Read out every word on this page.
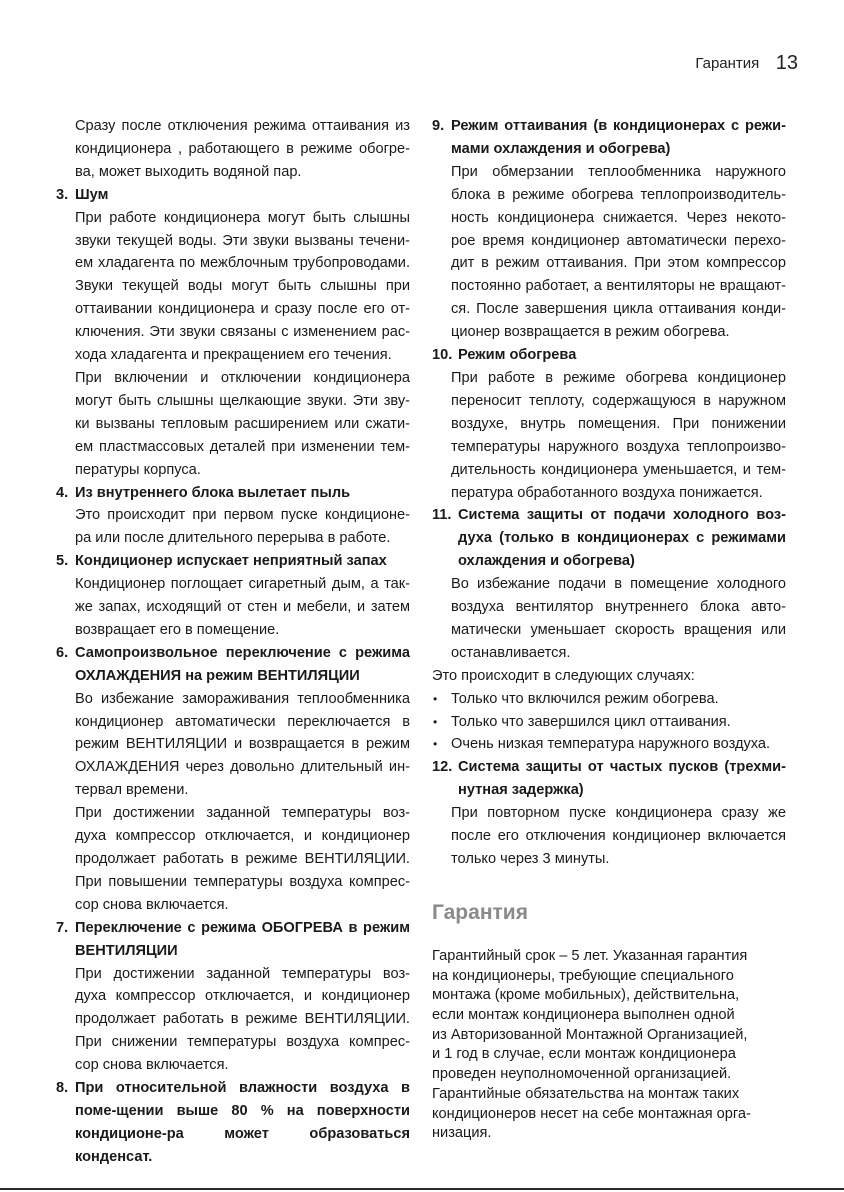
Гарантия 13
Сразу после отключения режима оттаивания из кондиционера , работающего в режиме обогре-ва, может выходить водяной пар.
3. Шум
При работе кондиционера могут быть слышны звуки текущей воды. Эти звуки вызваны течени-ем хладагента по межблочным трубопроводами. Звуки текущей воды могут быть слышны при оттаивании кондиционера и сразу после его от-ключения. Эти звуки связаны с изменением рас-хода хладагента и прекращением его течения.
При включении и отключении кондиционера могут быть слышны щелкающие звуки. Эти зву-ки вызваны тепловым расширением или сжати-ем пластмассовых деталей при изменении тем-пературы корпуса.
4. Из внутреннего блока вылетает пыль
Это происходит при первом пуске кондиционе-ра или после длительного перерыва в работе.
5. Кондиционер испускает неприятный запах
Кондиционер поглощает сигаретный дым, а так-же запах, исходящий от стен и мебели, и затем возвращает его в помещение.
6. Самопроизвольное переключение с режима ОХЛАЖДЕНИЯ на режим ВЕНТИЛЯЦИИ
Во избежание замораживания теплообменника кондиционер автоматически переключается в режим ВЕНТИЛЯЦИИ и возвращается в режим ОХЛАЖДЕНИЯ через довольно длительный ин-тервал времени.
При достижении заданной температуры воз-духа компрессор отключается, и кондиционер продолжает работать в режиме ВЕНТИЛЯЦИИ. При повышении температуры воздуха компрес-сор снова включается.
7. Переключение с режима ОБОГРЕВА в режим ВЕНТИЛЯЦИИ
При достижении заданной температуры воз-духа компрессор отключается, и кондиционер продолжает работать в режиме ВЕНТИЛЯЦИИ. При снижении температуры воздуха компрес-сор снова включается.
8. При относительной влажности воздуха в поме-щении выше 80 % на поверхности кондиционе-ра может образоваться конденсат.
9. Режим оттаивания (в кондиционерах с режи-мами охлаждения и обогрева)
При обмерзании теплообменника наружного блока в режиме обогрева теплопроизводитель-ность кондиционера снижается. Через некото-рое время кондиционер автоматически перехо-дит в режим оттаивания. При этом компрессор постоянно работает, а вентиляторы не вращают-ся. После завершения цикла оттаивания конди-ционер возвращается в режим обогрева.
10. Режим обогрева
При работе в режиме обогрева кондиционер переносит теплоту, содержащуюся в наружном воздухе, внутрь помещения. При понижении температуры наружного воздуха теплопроизво-дительность кондиционера уменьшается, и тем-пература обработанного воздуха понижается.
11. Система защиты от подачи холодного воз-духа (только в кондиционерах с режимами охлаждения и обогрева)
Во избежание подачи в помещение холодного воздуха вентилятор внутреннего блока авто-матически уменьшает скорость вращения или останавливается.
Это происходит в следующих случаях:
• Только что включился режим обогрева.
• Только что завершился цикл оттаивания.
• Очень низкая температура наружного воздуха.
12. Система защиты от частых пусков (трехми-нутная задержка)
При повторном пуске кондиционера сразу же после его отключения кондиционер включается только через 3 минуты.
Гарантия
Гарантийный срок – 5 лет. Указанная гарантия
на кондиционеры, требующие специального
монтажа (кроме мобильных), действительна,
если монтаж кондиционера выполнен одной
из Авторизованной Монтажной Организацией,
и 1 год в случае, если монтаж кондиционера
проведен неуполномоченной организацией.
Гарантийные обязательства на монтаж таких
кондиционеров несет на себе монтажная орга-
низация.
